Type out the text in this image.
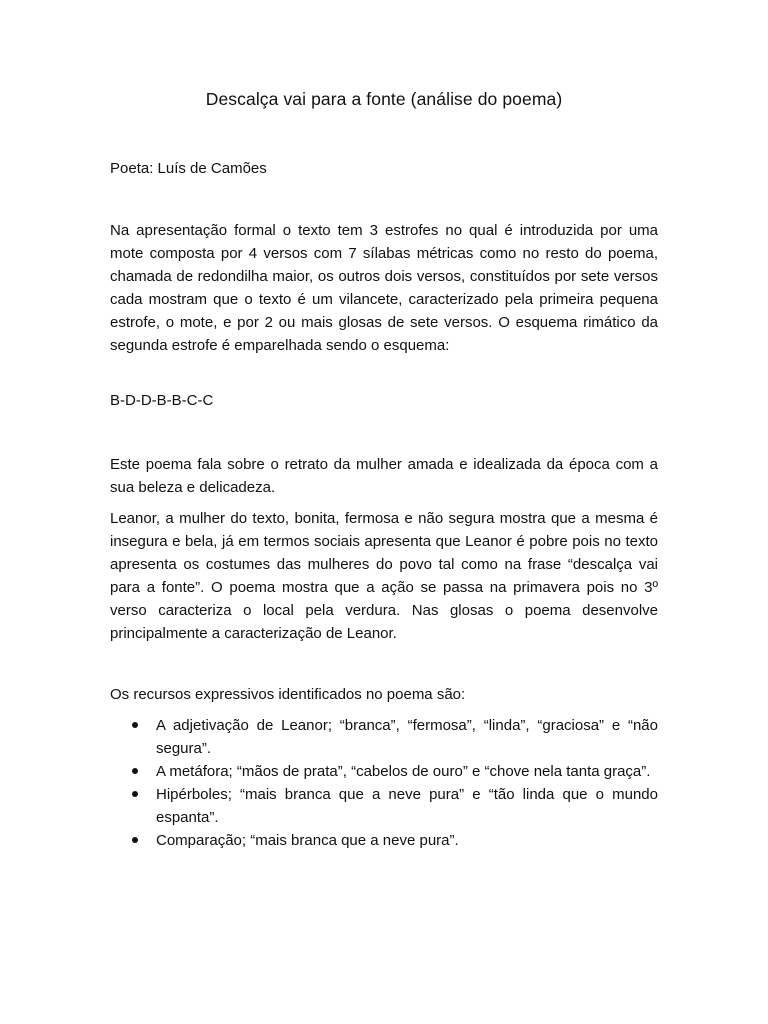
Descalça vai para a fonte (análise do poema)
Poeta: Luís de Camões
Na apresentação formal o texto tem 3 estrofes no qual é introduzida por uma mote composta por 4 versos com 7 sílabas métricas como no resto do poema, chamada de redondilha maior, os outros dois versos, constituídos por sete versos cada mostram que o texto é um vilancete, caracterizado pela primeira pequena estrofe, o mote, e por 2 ou mais glosas de sete versos. O esquema rimático da segunda estrofe é emparelhada sendo o esquema:
B-D-D-B-B-C-C
Este poema fala sobre o retrato da mulher amada e idealizada da época com a sua beleza e delicadeza.
Leanor, a mulher do texto, bonita, fermosa e não segura mostra que a mesma é insegura e bela, já em termos sociais apresenta que Leanor é pobre pois no texto apresenta os costumes das mulheres do povo tal como na frase “descalça vai para a fonte”. O poema mostra que a ação se passa na primavera pois no 3º verso caracteriza o local pela verdura. Nas glosas o poema desenvolve principalmente a caracterização de Leanor.
Os recursos expressivos identificados no poema são:
A adjetivação de Leanor; “branca”, “fermosa”, “linda”, “graciosa” e “não segura”.
A metáfora; “mãos de prata”, “cabelos de ouro” e “chove nela tanta graça”.
Hipérboles; “mais branca que a neve pura” e “tão linda que o mundo espanta”.
Comparação; “mais branca que a neve pura”.
